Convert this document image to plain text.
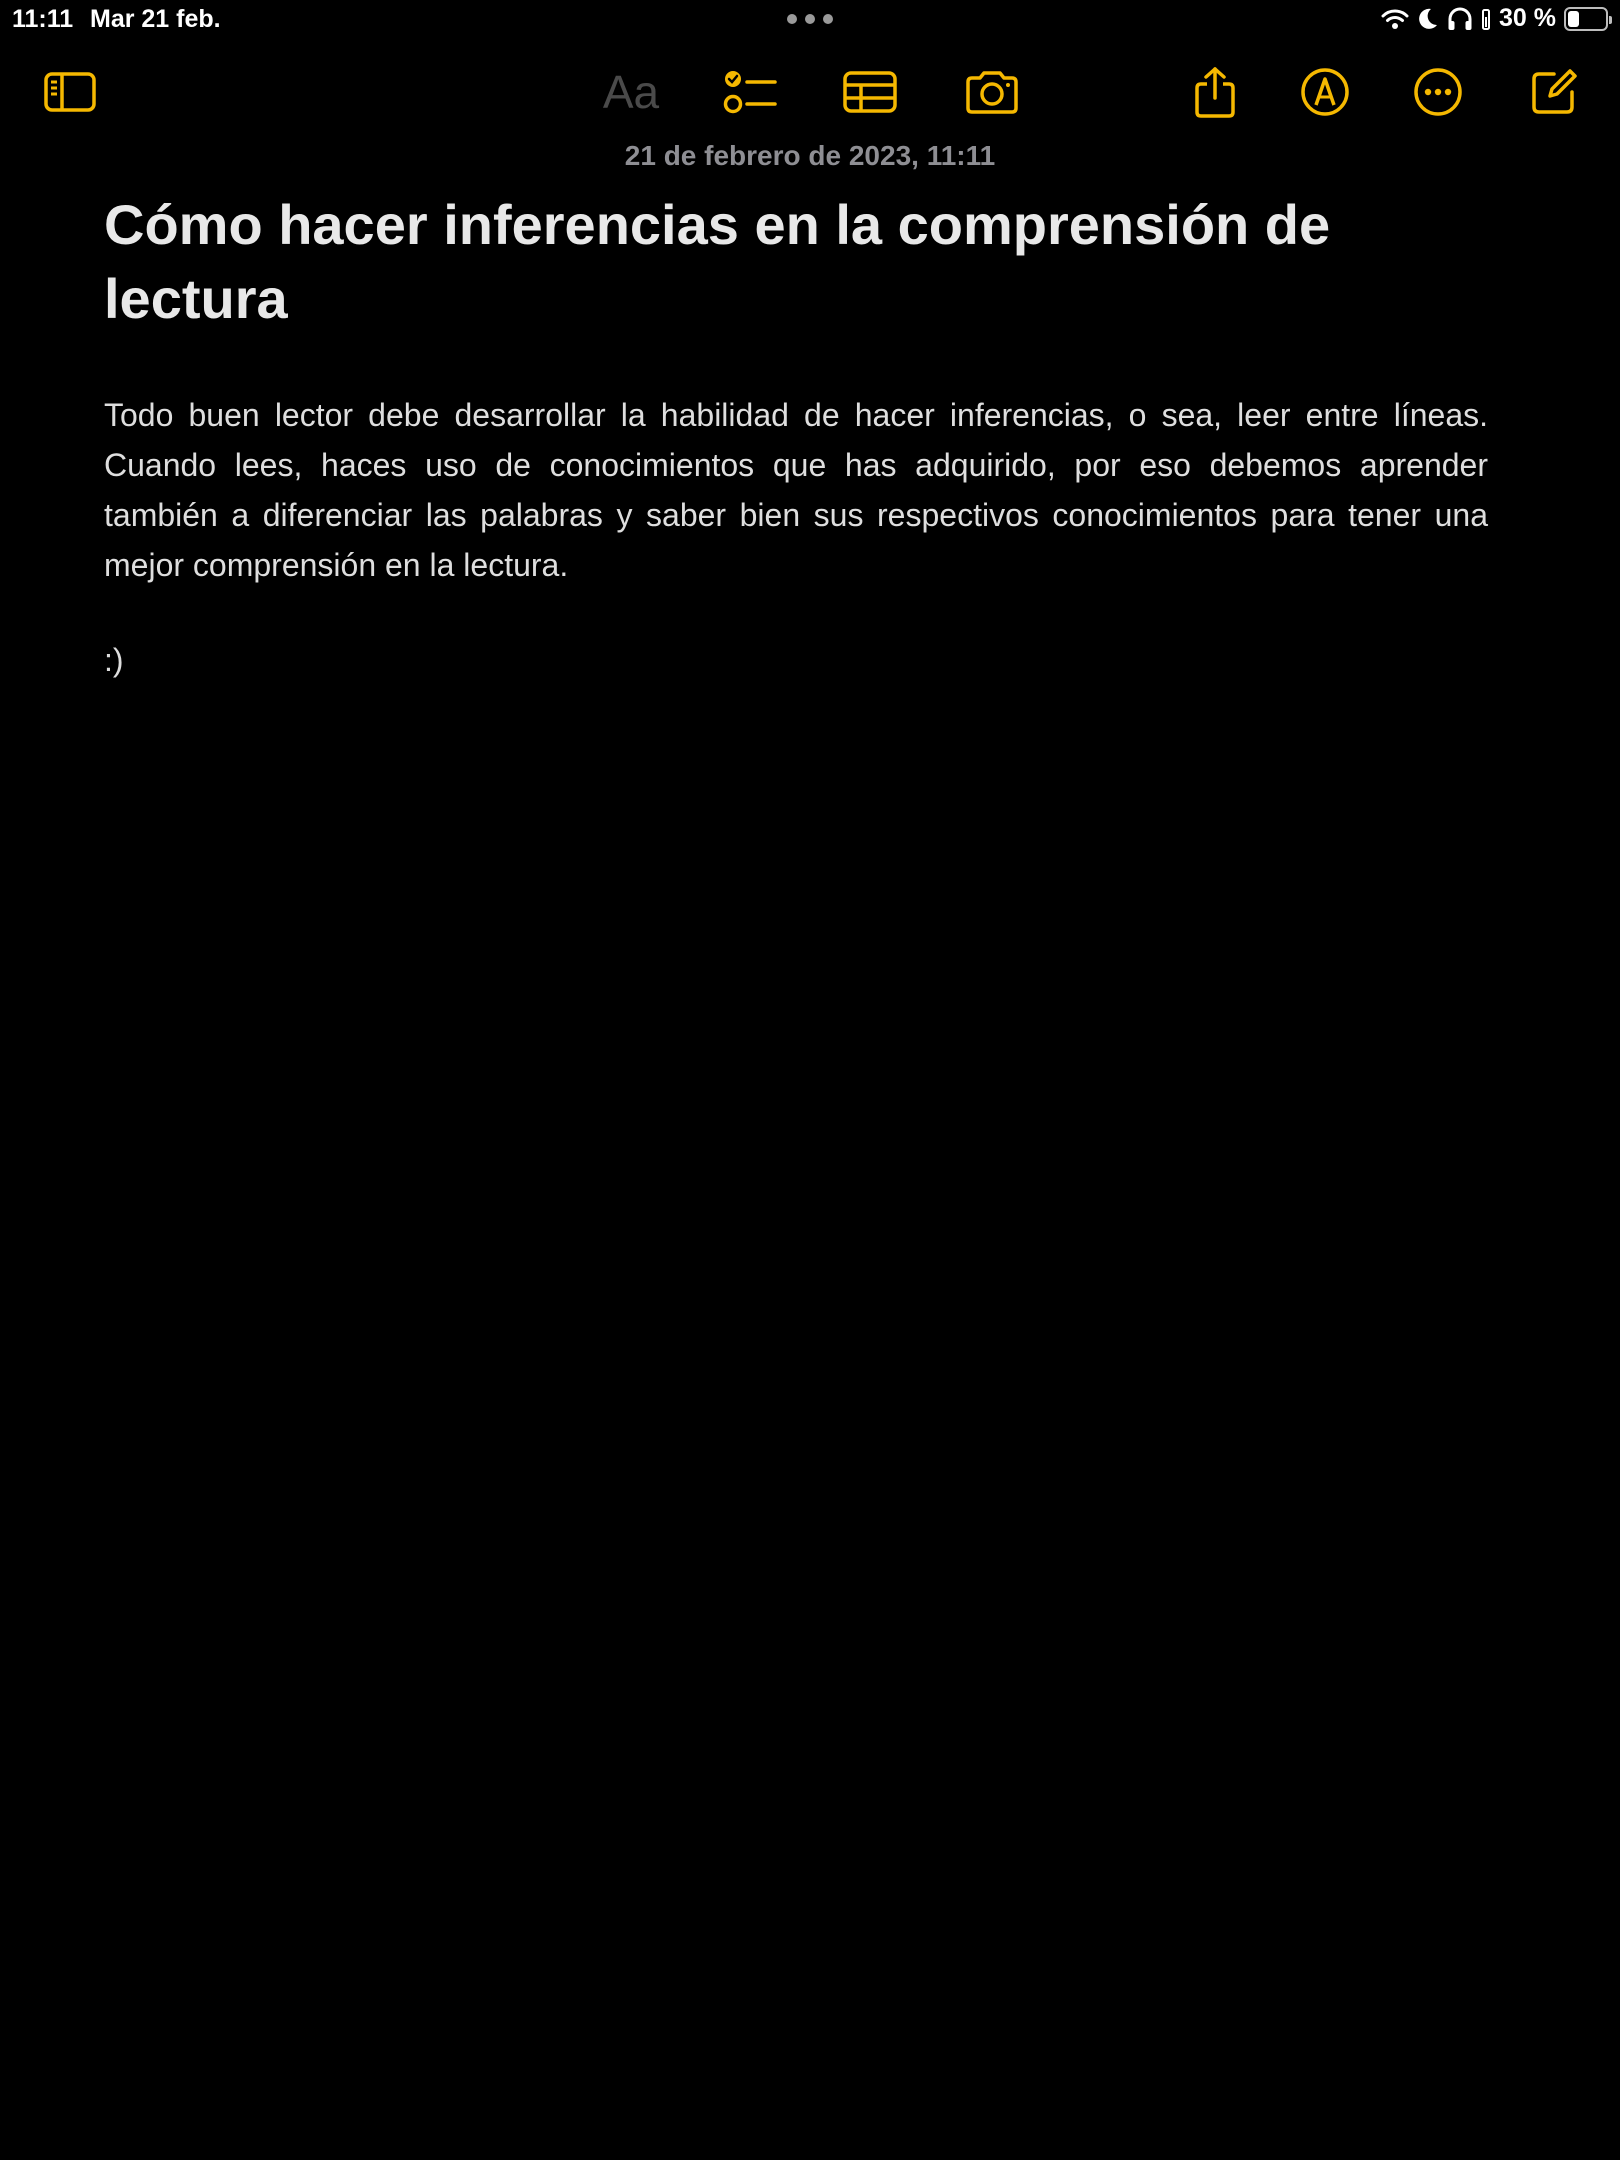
11:11 Mar 21 feb.	30 %
Aa
21 de febrero de 2023, 11:11
Cómo hacer inferencias en la comprensión de lectura

Todo buen lector debe desarrollar la habilidad de hacer inferencias, o sea, leer entre líneas. Cuando lees, haces uso de conocimientos que has adquirido, por eso debemos aprender también a diferenciar las palabras y saber bien sus respectivos conocimientos para tener una mejor comprensión en la lectura.

:)
